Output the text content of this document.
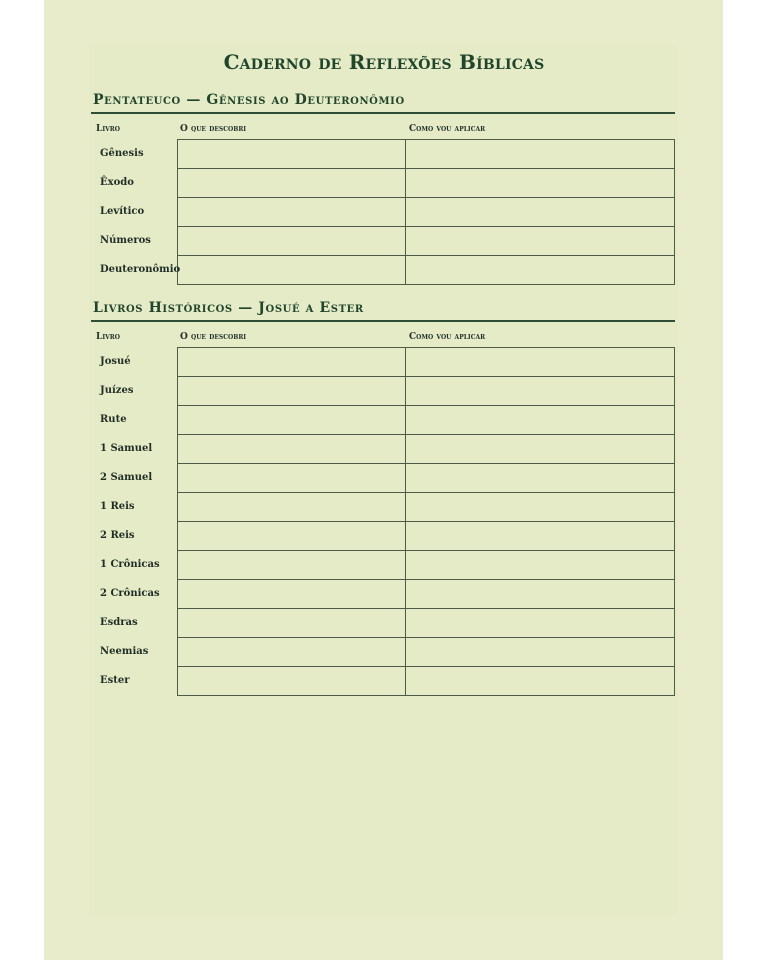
Caderno de Reflexões Bíblicas
Pentateuco — Gênesis ao Deuteronômio
Livro	O que descobri	Como vou aplicar

Gênesis
Êxodo
Levítico
Números
Deuteronômio
Livros Históricos — Josué a Ester
Livro	O que descobri	Como vou aplicar

Josué
Juízes
Rute
1 Samuel
2 Samuel
1 Reis
2 Reis
1 Crônicas
2 Crônicas
Esdras
Neemias
Ester
